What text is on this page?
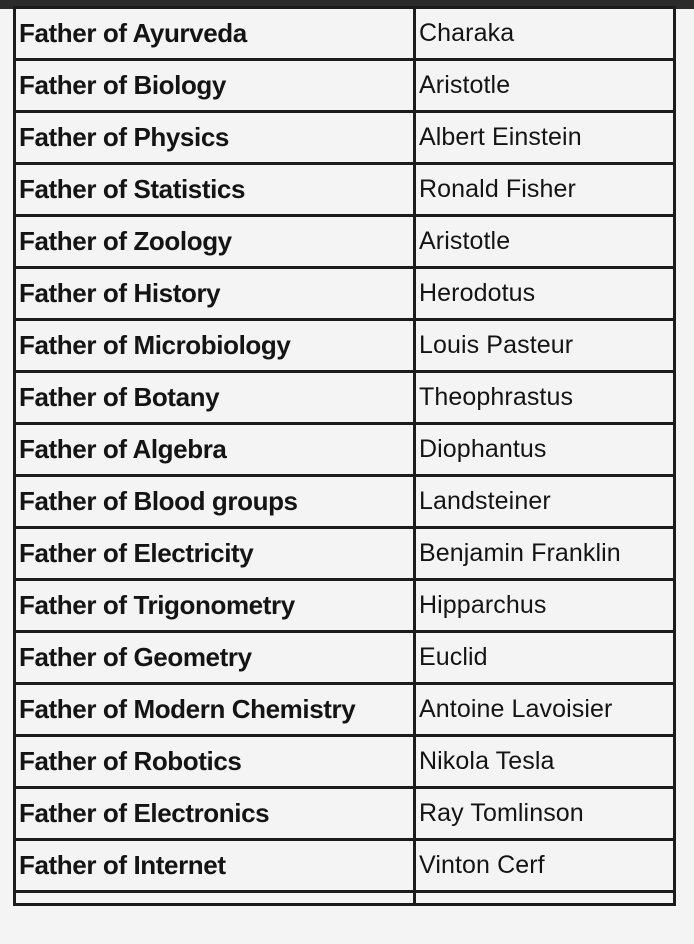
Father of Ayurveda	Charaka
Father of Biology	Aristotle
Father of Physics	Albert Einstein
Father of Statistics	Ronald Fisher
Father of Zoology	Aristotle
Father of History	Herodotus
Father of Microbiology	Louis Pasteur
Father of Botany	Theophrastus
Father of Algebra	Diophantus
Father of Blood groups	Landsteiner
Father of Electricity	Benjamin Franklin
Father of Trigonometry	Hipparchus
Father of Geometry	Euclid
Father of Modern Chemistry	Antoine Lavoisier
Father of Robotics	Nikola Tesla
Father of Electronics	Ray Tomlinson
Father of Internet	Vinton Cerf
